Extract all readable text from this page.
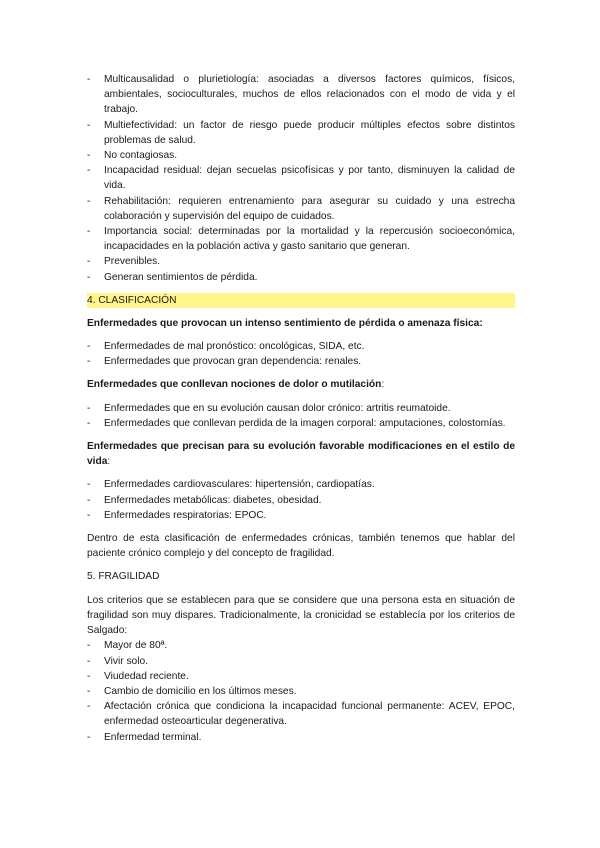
- Multicausalidad o plurietiología: asociadas a diversos factores químicos, físicos, ambientales, socioculturales, muchos de ellos relacionados con el modo de vida y el trabajo.
- Multiefectividad: un factor de riesgo puede producir múltiples efectos sobre distintos problemas de salud.
- No contagiosas.
- Incapacidad residual: dejan secuelas psicofísicas y por tanto, disminuyen la calidad de vida.
- Rehabilitación: requieren entrenamiento para asegurar su cuidado y una estrecha colaboración y supervisión del equipo de cuidados.
- Importancia social: determinadas por la mortalidad y la repercusión socioeconómica, incapacidades en la población activa y gasto sanitario que generan.
- Prevenibles.
- Generan sentimientos de pérdida.
4. CLASIFICACIÓN
Enfermedades que provocan un intenso sentimiento de pérdida o amenaza física:
- Enfermedades de mal pronóstico: oncológicas, SIDA, etc.
- Enfermedades que provocan gran dependencia: renales.
Enfermedades que conllevan nociones de dolor o mutilación:
- Enfermedades que en su evolución causan dolor crónico: artritis reumatoide.
- Enfermedades que conllevan perdida de la imagen corporal: amputaciones, colostomías.
Enfermedades que precisan para su evolución favorable modificaciones en el estilo de vida:
- Enfermedades cardiovasculares: hipertensión, cardiopatías.
- Enfermedades metabólicas: diabetes, obesidad.
- Enfermedades respiratorias: EPOC.
Dentro de esta clasificación de enfermedades crónicas, también tenemos que hablar del paciente crónico complejo y del concepto de fragilidad.
5. FRAGILIDAD
Los criterios que se establecen para que se considere que una persona esta en situación de fragilidad son muy dispares. Tradicionalmente, la cronicidad se establecía por los criterios de Salgado:
- Mayor de 80ª.
- Vivir solo.
- Viudedad reciente.
- Cambio de domicilio en los últimos meses.
- Afectación crónica que condiciona la incapacidad funcional permanente: ACEV, EPOC, enfermedad osteoarticular degenerativa.
- Enfermedad terminal.
